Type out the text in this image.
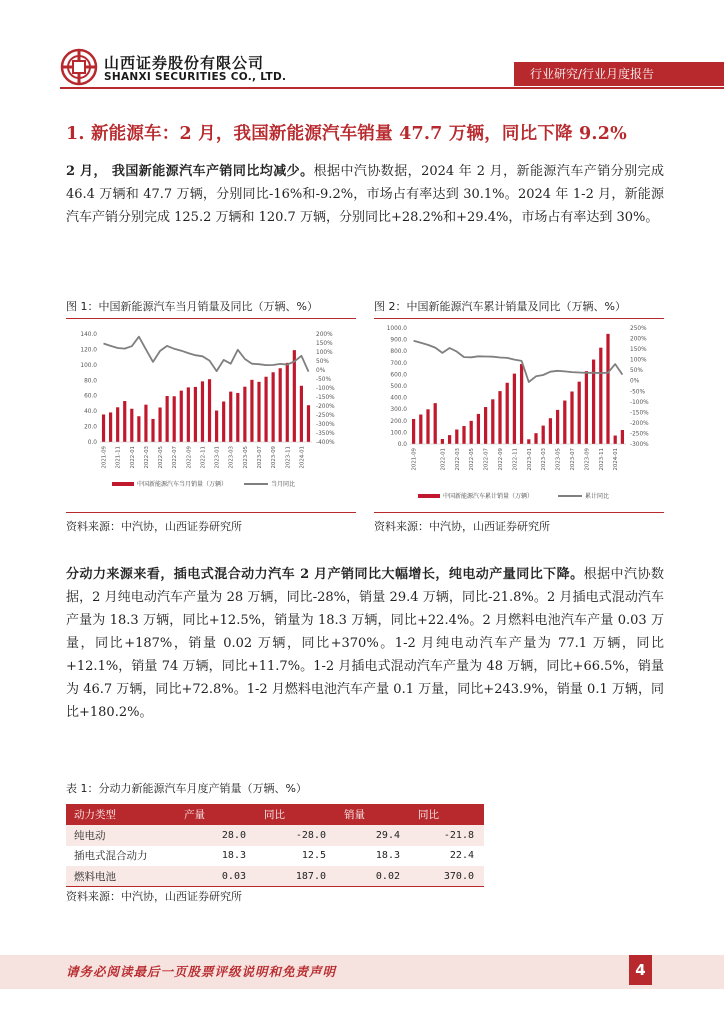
山西证券股份有限公司
SHANXI SECURITIES CO., LTD.	行业研究/行业月度报告
1. 新能源车：2 月，我国新能源汽车销量 47.7 万辆，同比下降 9.2%
2 月， 我国新能源汽车产销同比均减少。根据中汽协数据，2024 年 2 月，新能源汽车产销分别完成 46.4 万辆和 47.7 万辆，分别同比-16%和-9.2%，市场占有率达到 30.1%。2024 年 1-2 月，新能源汽车产销分别完成 125.2 万辆和 120.7 万辆，分别同比+28.2%和+29.4%，市场占有率达到 30%。
图 1：中国新能源汽车当月销量及同比（万辆、%）
0.0
20.0
40.0
60.0
80.0
100.0
120.0
140.0
-400%
-350%
-300%
-250%
-200%
-150%
-100%
-50%
0%
50%
100%
150%
200%
2021-09 2021-11 2022-01 2022-03 2022-05 2022-07 2022-09 2022-11 2023-01 2023-03 2023-05 2023-07 2023-09 2023-11 2024-01
中国新能源汽车当月销量（万辆）	当月同比
资料来源：中汽协，山西证券研究所
图 2：中国新能源汽车累计销量及同比（万辆、%）
0.0
100.0
200.0
300.0
400.0
500.0
600.0
700.0
800.0
900.0
1000.0
-300%
-250%
-200%
-150%
-100%
-50%
0%
50%
100%
150%
200%
250%
2021-09	2022-01 2022-03 2022-05 2022-07 2022-09 2022-11 2023-01 2023-03 2023-05 2023-07 2023-09 2023-11 2024-01
中国新能源汽车累计销量（万辆）	累计同比
资料来源：中汽协，山西证券研究所
分动力来源来看，插电式混合动力汽车 2 月产销同比大幅增长，纯电动产量同比下降。根据中汽协数据，2 月纯电动汽车产量为 28 万辆，同比-28%，销量 29.4 万辆，同比-21.8%。2 月插电式混动汽车产量为 18.3 万辆，同比+12.5%，销量为 18.3 万辆，同比+22.4%。2 月燃料电池汽车产量 0.03 万量，同比+187%，销量 0.02 万辆，同比+370%。1-2 月纯电动汽车产量为 77.1 万辆，同比+12.1%，销量 74 万辆，同比+11.7%。1-2 月插电式混动汽车产量为 48 万辆，同比+66.5%，销量为 46.7 万辆，同比+72.8%。1-2 月燃料电池汽车产量 0.1 万量，同比+243.9%，销量 0.1 万辆，同比+180.2%。
表 1：分动力新能源汽车月度产销量（万辆、%）
动力类型	产量	同比	销量	同比
纯电动	28.0	-28.0	29.4	-21.8
插电式混合动力	18.3	12.5	18.3	22.4
燃料电池	0.03	187.0	0.02	370.0
资料来源：中汽协，山西证券研究所
请务必阅读最后一页股票评级说明和免责声明	4
